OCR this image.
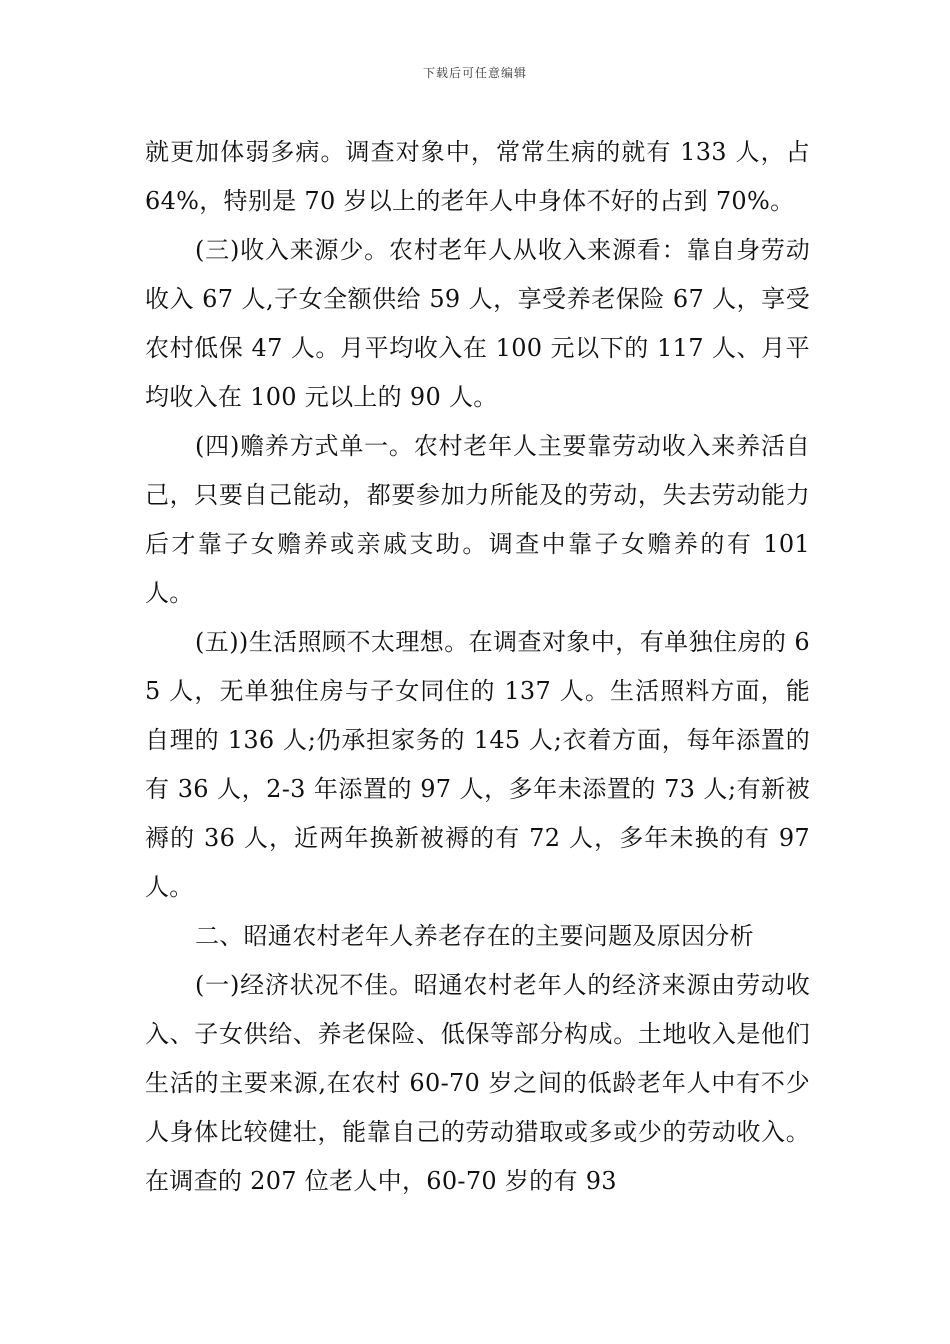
下载后可任意编辑

就更加体弱多病。调查对象中，常常生病的就有 133 人，占 64%，特别是 70 岁以上的老年人中身体不好的占到 70%。

(三)收入来源少。农村老年人从收入来源看：靠自身劳动收入 67 人,子女全额供给 59 人，享受养老保险 67 人，享受农村低保 47 人。月平均收入在 100 元以下的 117 人、月平均收入在 100 元以上的 90 人。

(四)赡养方式单一。农村老年人主要靠劳动收入来养活自己，只要自己能动，都要参加力所能及的劳动，失去劳动能力后才靠子女赡养或亲戚支助。调查中靠子女赡养的有 101 人。

(五))生活照顾不太理想。在调查对象中，有单独住房的 65 人，无单独住房与子女同住的 137 人。生活照料方面，能自理的 136 人;仍承担家务的 145 人;衣着方面，每年添置的有 36 人，2-3 年添置的 97 人，多年未添置的 73 人;有新被褥的 36 人，近两年换新被褥的有 72 人，多年未换的有 97 人。

二、昭通农村老年人养老存在的主要问题及原因分析

(一)经济状况不佳。昭通农村老年人的经济来源由劳动收入、子女供给、养老保险、低保等部分构成。土地收入是他们生活的主要来源,在农村 60-70 岁之间的低龄老年人中有不少人身体比较健壮，能靠自己的劳动猎取或多或少的劳动收入。在调查的 207 位老人中，60-70 岁的有 93
